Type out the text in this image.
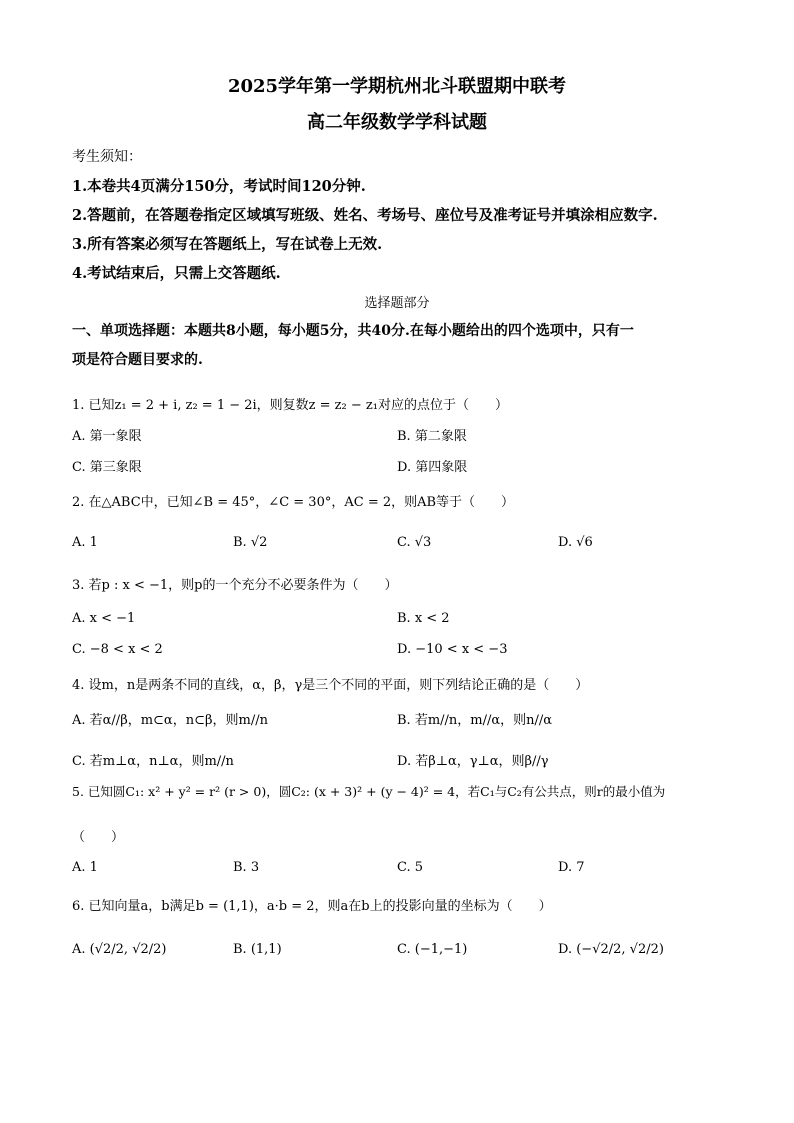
2025学年第一学期杭州北斗联盟期中联考
高二年级数学学科试题
考生须知：
1.本卷共4页满分150分，考试时间120分钟.
2.答题前，在答题卷指定区域填写班级、姓名、考场号、座位号及准考证号并填涂相应数字.
3.所有答案必须写在答题纸上，写在试卷上无效.
4.考试结束后，只需上交答题纸.
选择题部分
一、单项选择题：本题共8小题，每小题5分，共40分.在每小题给出的四个选项中，只有一
项是符合题目要求的.
1. 已知z₁ = 2 + i, z₂ = 1 − 2i，则复数z = z₂ − z₁对应的点位于（　　）
A. 第一象限	B. 第二象限
C. 第三象限	D. 第四象限
2. 在△ABC中，已知∠B = 45°，∠C = 30°，AC = 2，则AB等于（　　）
A. 1	B. √2	C. √3	D. √6
3. 若p : x < −1，则p的一个充分不必要条件为（　　）
A. x < −1	B. x < 2
C. −8 < x < 2	D. −10 < x < −3
4. 设m，n是两条不同的直线，α，β，γ是三个不同的平面，则下列结论正确的是（　　）
A. 若α//β，m⊂α，n⊂β，则m//n	B. 若m//n，m//α，则n//α
C. 若m⊥α，n⊥α，则m//n	D. 若β⊥α，γ⊥α，则β//γ
5. 已知圆C₁: x² + y² = r² (r > 0)，圆C₂: (x + 3)² + (y − 4)² = 4，若C₁与C₂有公共点，则r的最小值为
（　　）
A. 1	B. 3	C. 5	D. 7
6. 已知向量a，b满足b = (1,1)，a·b = 2，则a在b上的投影向量的坐标为（　　）
A. (√2/2, √2/2)	B. (1,1)	C. (−1,−1)	D. (−√2/2, √2/2)
